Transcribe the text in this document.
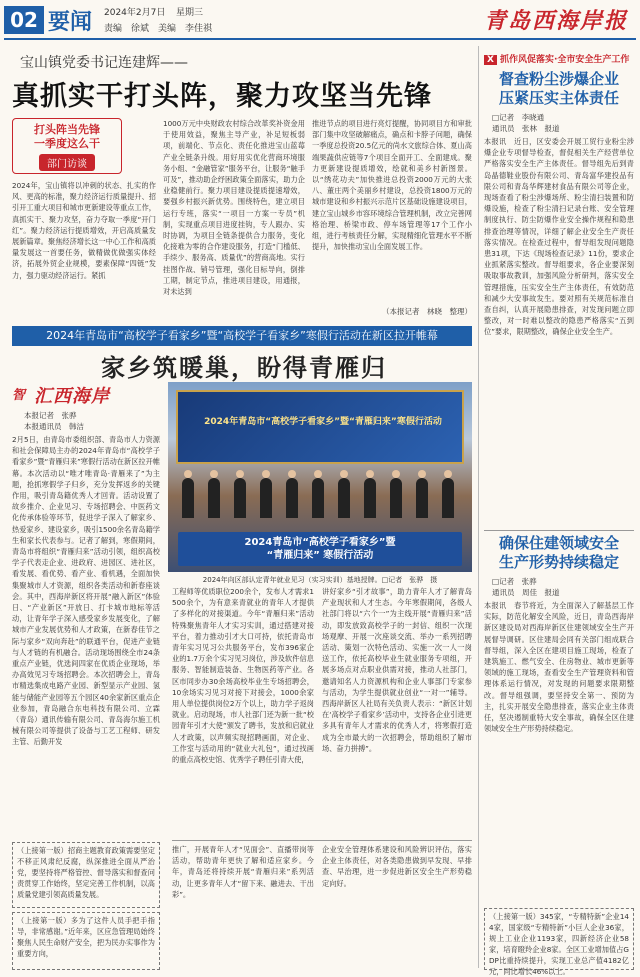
02 要闻 2024年2月7日 星期三
责编　徐斌　美编　李佳祺	青岛西海岸报
宝山镇党委书记连建辉——
真抓实干打头阵，聚力攻坚当先锋
打头阵当先锋
一季度这么干
部门访谈
2024年，宝山镇将以冲刺的状态、扎实的作风、更高的标准，聚力经济运行质量提升、招引开工重大项目和城市更新建设等重点工作，真抓实干、聚力攻坚，奋力夺取一季度“开门红”。聚力经济运行提质增效，开启高质量发展新篇章。聚焦经济增长这一中心工作和高质量发展这一首要任务，做精做优做强实体经济，拓展外贸企业规模，要素保障“四链”发力，强力驱动经济运行。紧抓
1000万元中央财政农村综合改革奖补资金用于使用效益，聚焦主导产业，补足短板弱项，前端化、节点化、责任化推进宝山蓝莓产业全链条升级。用好用实优化营商环境服务小组、“金融管家”服务平台，让服务“触手可及”，推动助企纾困政策全面落实，助力企业稳健前行。聚力项目建设提质提速增效，要强乡村振兴新优势。围绕特色，建立项目运行专班，落实“一项目一方案一专员”机制，实现重点项目进度挂钩，专人跟办、实时协调，为项目全链条提供合力服务，变化化接难为零的合作建设服务，打造“门槛低、手续少、服务高、质量优”的营商高地。实行挂图作战、销号管理，强化目标导向，倒排工期，制定节点，推进项目建设，用通报，对未达到
推进节点的项目进行亮灯提醒，协同项目方和审批部门集中攻坚破解痛点，确点和卡脖子问题，确保一季度总投资20.5亿元的尚水文旅综合体、夏山高端果蔬供应链等7个项目全面开工、全面建成。聚力更新建设提质增效，绘就和美乡村新图景。以“绣花功夫”加快推进总投资2000万元的大张八、董庄两个美丽乡村建设，总投资1800万元的城市建设和乡村振兴示范片区基础设施建设项目，建立宝山城乡市容环境综合管理机制，改立完善网格治理、桥梁市政、停车场管理等17个工作小组，进行考核责任分解，实现精细化管理水平不断提升，加快推动宝山全面发展工作。
（本报记者　林晓　整理）
2024年青岛市“高校学子看家乡”暨“高校学子看家乡”寒假行活动在新区拉开帷幕
家乡筑暖巢，盼得青雁归
智 汇西海岸
本报记者　张骅
本报通讯员　韩洁	2024年青岛市“高校学子看家乡”暨“青雁归来”寒假行活动
2024青岛市“高校学子看家乡”暨
“青雁归来” 寒假行活动
2024年向区部认定青年就业见习（实习实训）基地授牌。□记者　张骅　摄
2月5日，由青岛市委组织部、青岛市人力资源和社会保障局主办的2024年青岛市“高校学子看家乡”暨“青雁归来”寒假行活动在新区拉开帷幕。本次活动以“唯才唯青岛·青雁来了”为主题，抢抓寒假学子归乡，充分发挥返乡的关键作用，吸引青岛籍优秀人才回青。活动设置了故乡推介、企业见习、专场招聘会、中医药文化传承体验等环节，促进学子深入了解家乡、热爱家乡、建设家乡，吸引1500余名青岛籍学生和家长代表参与。记者了解到，寒假期间，青岛市将组织“青雁归来”活动引领，组织高校学子代表走企业、进政府、进园区、进社区，看发展、看优势、看产业、看机遇，全面加快集聚城市人才资源，组织各类活动和新春座谈会。其中，西海岸新区将开展“融入新区”体验日、“产业新区”开放日、打卡城市地标等活动，让青年学子深入感受家乡发展变化，了解城市产业发展优势和人才政策，在新春佳节之际与家乡“双向奔赴”的联通平台，促进产业链与人才链的有机融合。活动现场围绕全市24条重点产业链，优选间四家在优质企业现场，举办高效见习专场招聘会。本次招聘会上，青岛市精选集成电路产业园、新型显示产业园、氢能与储能产业园等五个园区40余家新区重点企业参加，青岛融合东电科技有限公司、立霖（青岛）通讯传输有限公司、青岛海尔施工机械有限公司等提供了设备与工艺工程师、研发主管、后勤开发
工程师等优质职位200余个，发布人才需求1500余个，为有意来青就业的青年人才提供了多样化的对接渠道。今年“青雁归来”活动特殊聚焦青年人才实习实训，通过搭建对接平台，着力推动引才大口可持，依托青岛市青年实习见习公共服务平台，发布396家企业的1.7万余个实习见习岗位，涉及软件信息服务、智能制造装备、生物医药等产业。各区市同步办30余场高校毕业生专场招聘会，10余场实习见习对接下对接会，1000余家用人单位提供岗位2万个以上，助力学子返岗就业。启动现场，市人社部门还为新一批“校园青年引才大使”颁发了聘书，发放和启就业人才政策，以声频实现招聘画面，对企业、工作室与活动用的“就业大礼包”，通过找画的重点高校史馆、优秀学子聘任引青大使，
讲好家乡“引才故事”，助力青年人才了解青岛产业现状和人才生态。今年寒假期间，各级人社部门将以“六个一”为主线开展“青雁归来”活动，即发放致高校学子的一封信、组织一次现场观摩、开展一次座谈交流、举办一系列招聘活动、策划一次特色活动、实施一次一人一岗送工作，依托高校毕业生就业服务专项组，开展多场点对点职业供需对接，推动人社部门，邀请知名人力资源机构和企业人事部门专家参与活动，为学生提供就业创业“一对一”辅导。西海岸新区人社局有关负责人表示：“新区计划在‘高校学子看家乡’活动中，支持各企业引进更多具有青年人才需求的优秀人才，将寒假打造成为全市最大的一次招聘会，帮助组织了解市场、奋力拼搏”。
X 抓作风促落实·全市安全生产工作
督查粉尘涉爆企业
压紧压实主体责任
□记者　李晓通
通讯员　张林　报道
本报讯　近日，区安委会开展工贸行业粉尘涉爆企业专项督导检查，督促相关生产经营单位严格落实安全生产主体责任。督导组先后到青岛晶德鞋业股份有限公司、青岛富华建投品有限公司和青岛华辉建材食品有限公司等企业，现场查看了粉尘涉爆场所、粉尘清扫装置和防爆设施，检查了粉尘清扫记录台账、安全管理制度执行、防尘防爆作业安全操作规程和隐患排查治理等情况，详细了解企业安全生产责任落实情况。在检查过程中，督导组发现问题隐患31项，下达《现场检查记录》11份，要求企业抓紧落实整改。督导组要求，各企业要深刻吸取事故教训，加强风险分析研判，落实安全管理措施，压实安全生产主体责任，有效防范和减少大安事故发生。要对照有关规范标准自查自纠，认真开展隐患排查，对发现问题立即整改，对一时难以整改的隐患严格落实“五到位”要求，限期整改，确保企业安全生产。
确保住建领域安全
生产形势持续稳定
□记者　张骅
通讯员　周佳　报道
本报讯　春节将近，为全面深入了解基层工作实际，防范化解安全风险，近日，青岛西海岸新区建设局对西海岸新区住建领域安全生产开展督导调研。区住建局会同有关部门组成联合督导组，深入全区在建项目施工现场，检查了建筑施工、燃气安全、住房物业、城市更新等领域的施工现场，查看安全生产管理资料和管理体系运行情况，对发现的问题要求限期整改。督导组强调，要坚持安全第一、预防为主，扎实开展安全隐患排查，落实企业主体责任，坚决遏制重特大安全事故，确保全区住建领域安全生产形势持续稳定。
（上接第一版）招商主题教育政策需要坚定不移正风肃纪反腐，纵深推进全面从严治党，要坚持将严格管控、督导落实和督查问责贯穿工作始终，坚定完善工作机制，以高质量党建引领高质量发展。
（上接第一版）多为了这件人员手把手指导，非常感谢。”近年来，区应急管理局始终聚焦人民生命财产安全，把为民办实事作为重要方向，
推广，开展青年人才“见面会”、直播带岗等活动，帮助青年更快了解和适应家乡。今年，青岛还将持续开展“青雁归来”系列活动，让更多青年人才“留下来、融进去、干出彩”。
企业安全管理体系建设和风险辨识评估，落实企业主体责任，对各类隐患做到早发现、早排查、早治理，进一步促进新区安全生产形势稳定向好。
（上接第一版）345家，“专精特新”企业144家，国家级“专精特新”小巨人企业36家，规上工业企业1193家，四新经济企业58家，培育瞪羚企业8家。全区工业增加值占GDP比重持续提升，实现工业总产值4182亿元，同比增长46%以上。
